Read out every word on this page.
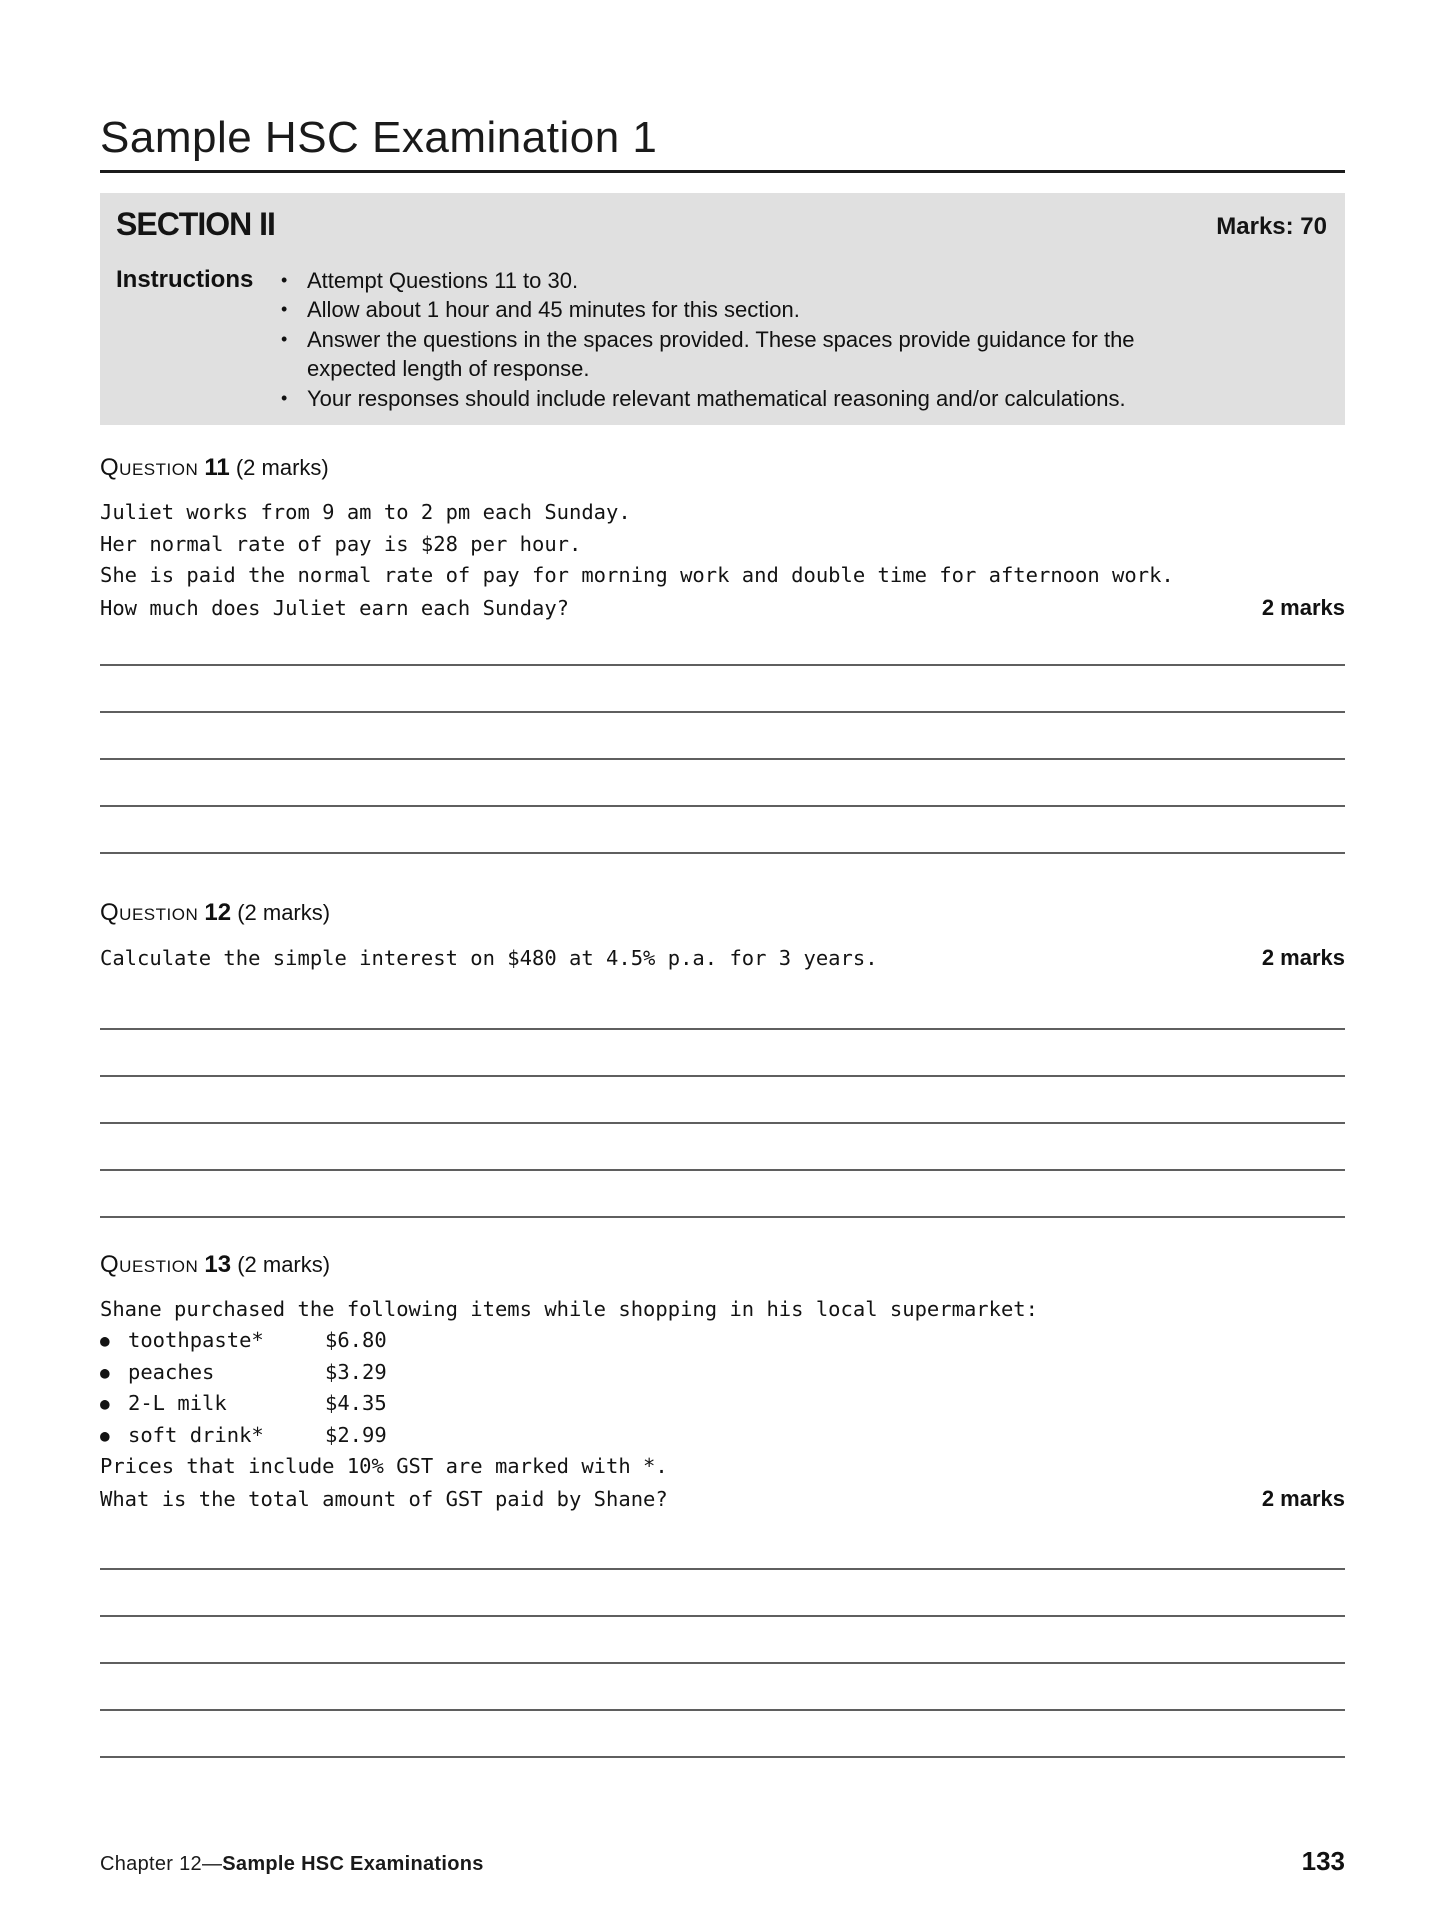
Sample HSC Examination 1
SECTION II	Marks: 70
Instructions	• Attempt Questions 11 to 30.
• Allow about 1 hour and 45 minutes for this section.
• Answer the questions in the spaces provided. These spaces provide guidance for the expected length of response.
• Your responses should include relevant mathematical reasoning and/or calculations.
Question 11 (2 marks)
Juliet works from 9 am to 2 pm each Sunday.
Her normal rate of pay is $28 per hour.
She is paid the normal rate of pay for morning work and double time for afternoon work.
How much does Juliet earn each Sunday?	2 marks
Question 12 (2 marks)
Calculate the simple interest on $480 at 4.5% p.a. for 3 years.	2 marks
Question 13 (2 marks)
Shane purchased the following items while shopping in his local supermarket:
● toothpaste*	$6.80
● peaches	$3.29
● 2-L milk	$4.35
● soft drink*	$2.99
Prices that include 10% GST are marked with *.
What is the total amount of GST paid by Shane?	2 marks
Chapter 12—Sample HSC Examinations	133
